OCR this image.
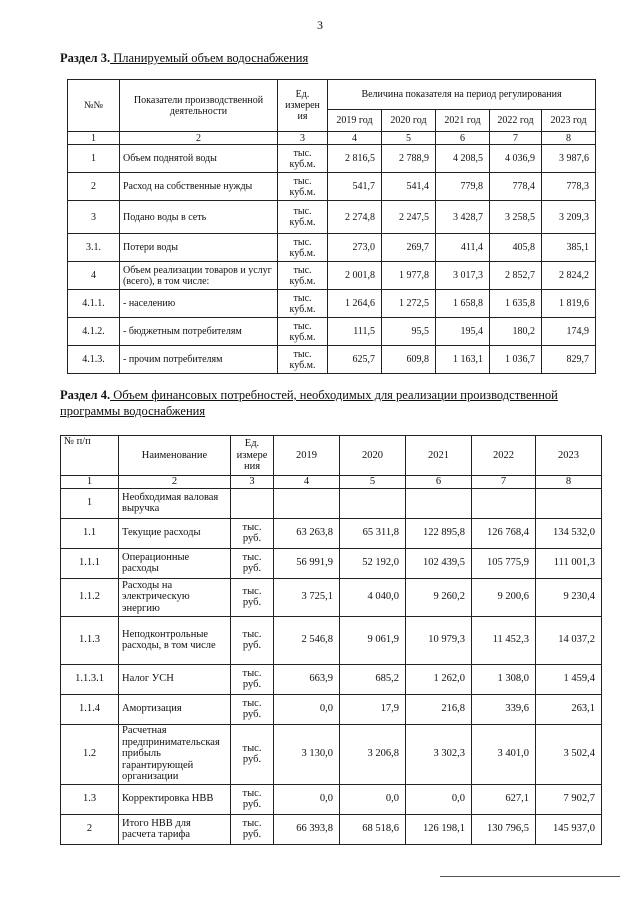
3
Раздел 3. Планируемый объем водоснабжения
№№	Показатели производственной деятельности	Ед. измерен ия	Величина показателя на период регулирования				
			2019 год	2020 год	2021 год	2022 год	2023 год
1	2	3	4	5	6	7	8
1	Объем поднятой воды	тыс. куб.м.	2 816,5	2 788,9	4 208,5	4 036,9	3 987,6
2	Расход на собственные нужды	тыс. куб.м.	541,7	541,4	779,8	778,4	778,3
3	Подано воды в сеть	тыс. куб.м.	2 274,8	2 247,5	3 428,7	3 258,5	3 209,3
3.1.	Потери воды	тыс. куб.м.	273,0	269,7	411,4	405,8	385,1
4	Объем реализации товаров и услуг (всего), в том числе:	тыс. куб.м.	2 001,8	1 977,8	3 017,3	2 852,7	2 824,2
4.1.1.	- населению	тыс. куб.м.	1 264,6	1 272,5	1 658,8	1 635,8	1 819,6
4.1.2.	- бюджетным потребителям	тыс. куб.м.	111,5	95,5	195,4	180,2	174,9
4.1.3.	- прочим потребителям	тыс. куб.м.	625,7	609,8	1 163,1	1 036,7	829,7
Раздел 4. Объем финансовых потребностей, необходимых для реализации производственной программы водоснабжения
№ п/п	Наименование	Ед. измере ния	2019	2020	2021	2022	2023
1	2	3	4	5	6	7	8
1	Необходимая валовая выручка						
1.1	Текущие расходы	тыс. руб.	63 263,8	65 311,8	122 895,8	126 768,4	134 532,0
1.1.1	Операционные расходы	тыс. руб.	56 991,9	52 192,0	102 439,5	105 775,9	111 001,3
1.1.2	Расходы на электрическую энергию	тыс. руб.	3 725,1	4 040,0	9 260,2	9 200,6	9 230,4
1.1.3	Неподконтрольные расходы, в том числе	тыс. руб.	2 546,8	9 061,9	10 979,3	11 452,3	14 037,2
1.1.3.1	Налог УСН	тыс. руб.	663,9	685,2	1 262,0	1 308,0	1 459,4
1.1.4	Амортизация	тыс. руб.	0,0	17,9	216,8	339,6	263,1
1.2	Расчетная предпринимательская прибыль гарантирующей организации	тыс. руб.	3 130,0	3 206,8	3 302,3	3 401,0	3 502,4
1.3	Корректировка НВВ	тыс. руб.	0,0	0,0	0,0	627,1	7 902,7
2	Итого НВВ для расчета тарифа	тыс. руб.	66 393,8	68 518,6	126 198,1	130 796,5	145 937,0
